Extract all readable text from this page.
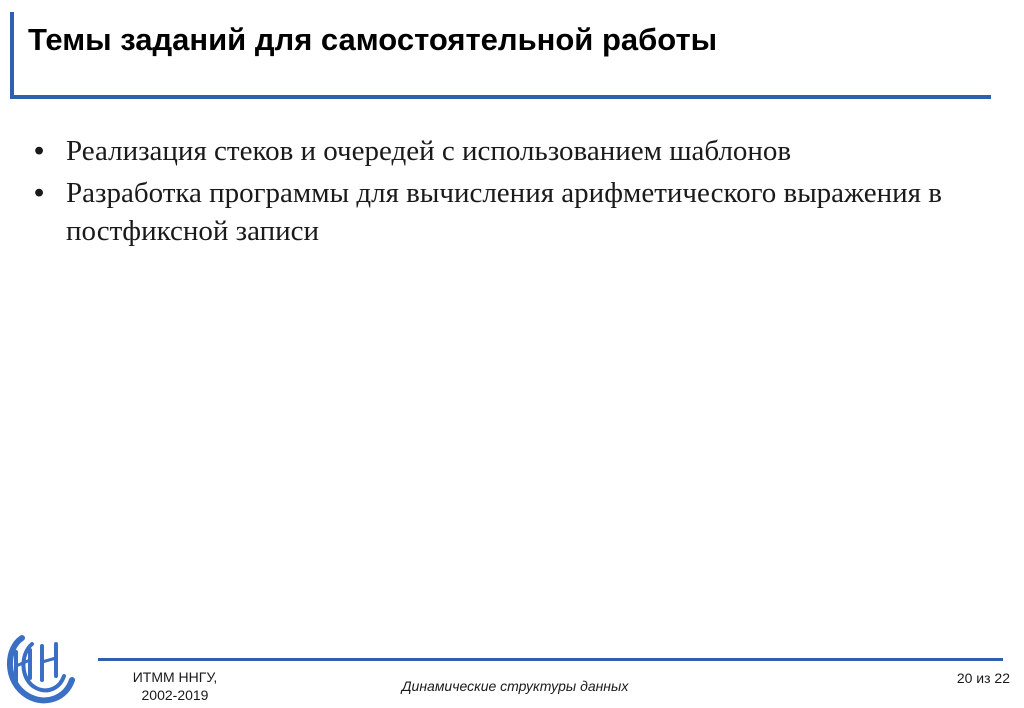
Темы заданий для самостоятельной работы
• Реализация стеков и очередей с использованием шаблонов
• Разработка программы для вычисления арифметического выражения в постфиксной записи
ИТММ ННГУ,
2002-2019
Динамические структуры данных	20 из 22
